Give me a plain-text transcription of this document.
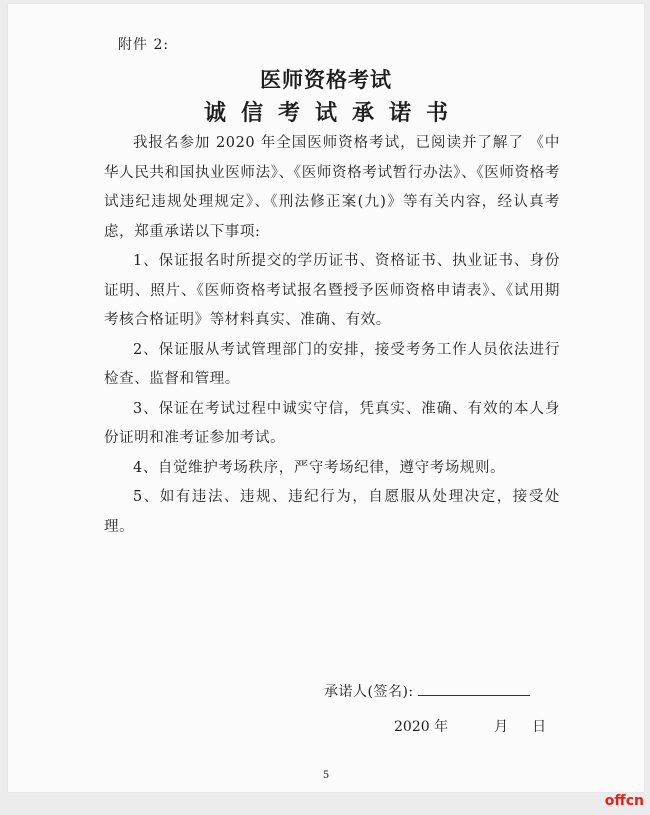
附件 2:
医师资格考试
诚信考试承诺书

我报名参加 2020 年全国医师资格考试，已阅读并了解了 《中华人民共和国执业医师法》、《医师资格考试暂行办法》、《医师资格考试违纪违规处理规定》、《刑法修正案(九)》等有关内容，经认真考虑，郑重承诺以下事项:

1、保证报名时所提交的学历证书、资格证书、执业证书、身份证明、照片、《医师资格考试报名暨授予医师资格申请表》、《试用期考核合格证明》等材料真实、准确、有效。

2、保证服从考试管理部门的安排，接受考务工作人员依法进行检查、监督和管理。

3、保证在考试过程中诚实守信，凭真实、准确、有效的本人身份证明和准考证参加考试。

4、自觉维护考场秩序，严守考场纪律，遵守考场规则。

5、如有违法、违规、违纪行为，自愿服从处理决定，接受处理。

承诺人(签名):
2020 年	月 日
5
offcn
